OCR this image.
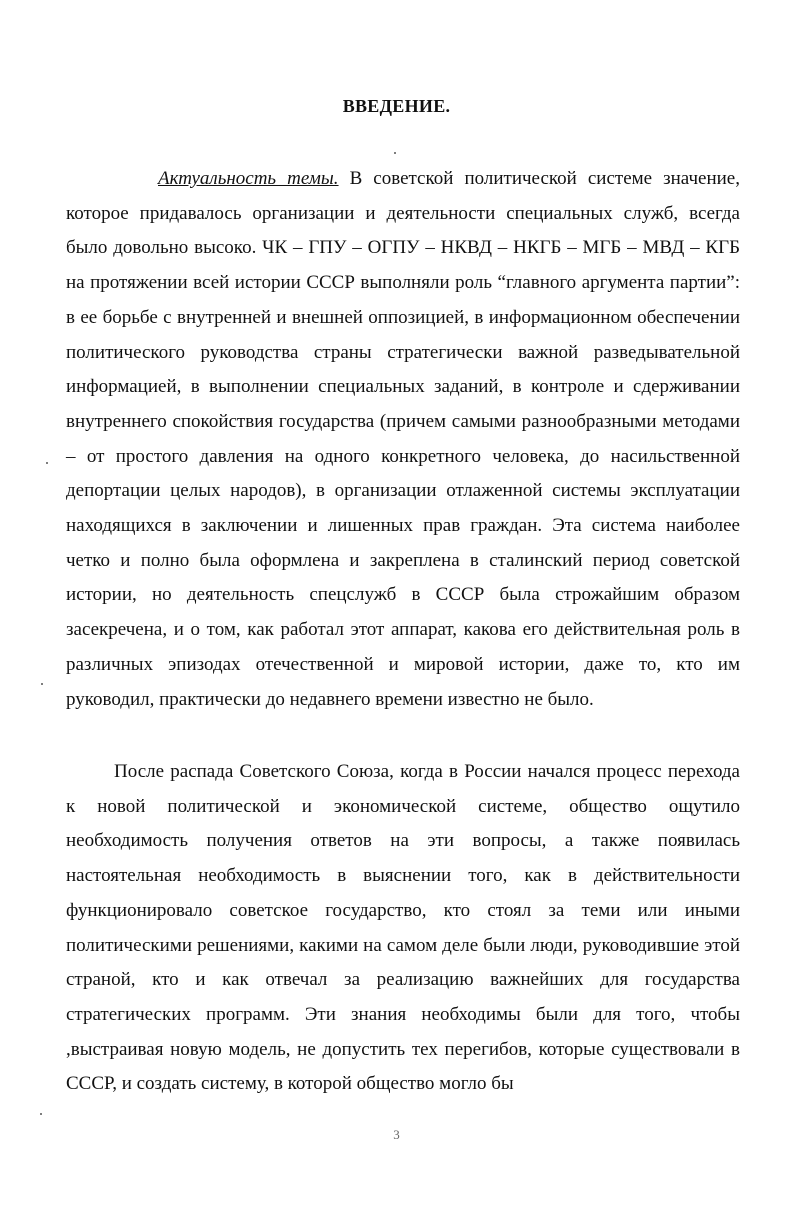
ВВЕДЕНИЕ.

Актуальность темы. В советской политической системе значение, которое придавалось организации и деятельности специальных служб, всегда было довольно высоко. ЧК – ГПУ – ОГПУ – НКВД – НКГБ – МГБ – МВД – КГБ на протяжении всей истории СССР выполняли роль “главного аргумента партии”: в ее борьбе с внутренней и внешней оппозицией, в информационном обеспечении политического руководства страны стратегически важной разведывательной информацией, в выполнении специальных заданий, в контроле и сдерживании внутреннего спокойствия государства (причем самыми разнообразными методами – от простого давления на одного конкретного человека, до насильственной депортации целых народов), в организации отлаженной системы эксплуатации находящихся в заключении и лишенных прав граждан. Эта система наиболее четко и полно была оформлена и закреплена в сталинский период советской истории, но деятельность спецслужб в СССР была строжайшим образом засекречена, и о том, как работал этот аппарат, какова его действительная роль в различных эпизодах отечественной и мировой истории, даже то, кто им руководил, практически до недавнего времени известно не было.

После распада Советского Союза, когда в России начался процесс перехода к новой политической и экономической системе, общество ощутило необходимость получения ответов на эти вопросы, а также появилась настоятельная необходимость в выяснении того, как в действительности функционировало советское государство, кто стоял за теми или иными политическими решениями, какими на самом деле были люди, руководившие этой страной, кто и как отвечал за реализацию важнейших для государства стратегических программ. Эти знания необходимы были для того, чтобы ,выстраивая новую модель, не допустить тех перегибов, которые существовали в СССР, и создать систему, в которой общество могло бы

3
